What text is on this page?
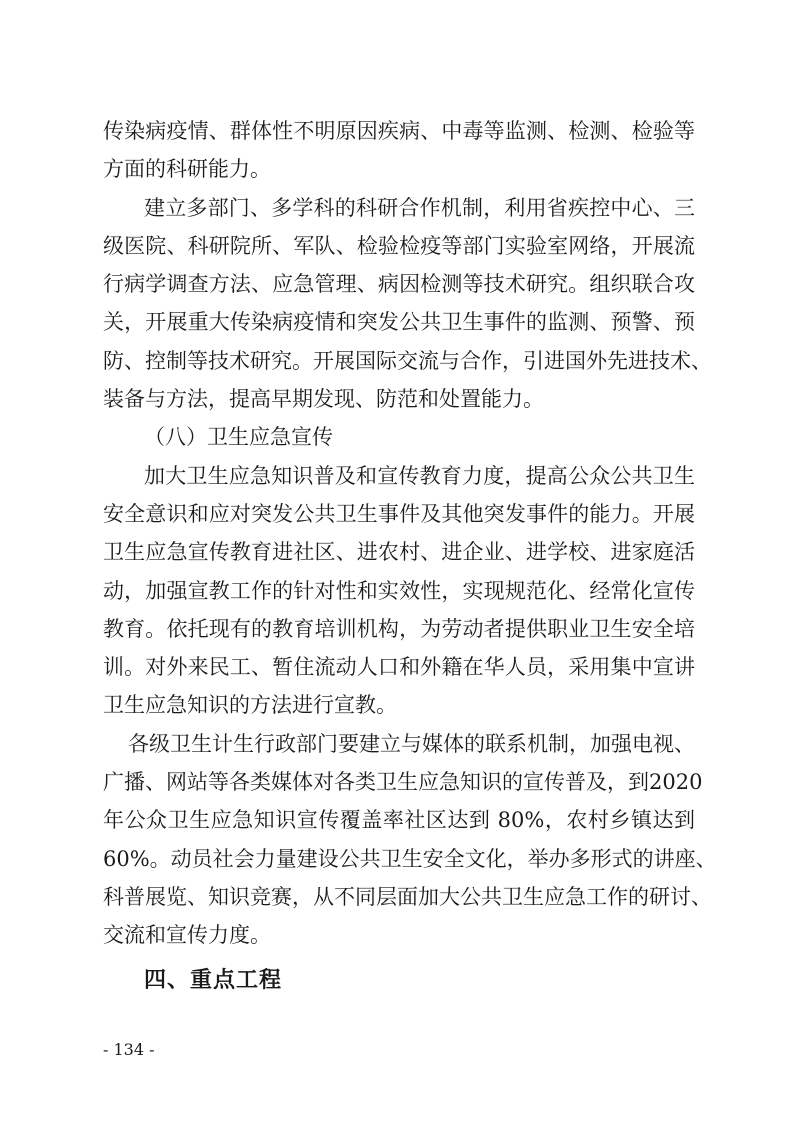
传染病疫情、群体性不明原因疾病、中毒等监测、检测、检验等
方面的科研能力。
建立多部门、多学科的科研合作机制，利用省疾控中心、三
级医院、科研院所、军队、检验检疫等部门实验室网络，开展流
行病学调查方法、应急管理、病因检测等技术研究。组织联合攻
关，开展重大传染病疫情和突发公共卫生事件的监测、预警、预
防、控制等技术研究。开展国际交流与合作，引进国外先进技术、
装备与方法，提高早期发现、防范和处置能力。
（八）卫生应急宣传
加大卫生应急知识普及和宣传教育力度，提高公众公共卫生
安全意识和应对突发公共卫生事件及其他突发事件的能力。开展
卫生应急宣传教育进社区、进农村、进企业、进学校、进家庭活
动，加强宣教工作的针对性和实效性，实现规范化、经常化宣传
教育。依托现有的教育培训机构，为劳动者提供职业卫生安全培
训。对外来民工、暂住流动人口和外籍在华人员，采用集中宣讲
卫生应急知识的方法进行宣教。
各级卫生计生行政部门要建立与媒体的联系机制，加强电视、
广播、网站等各类媒体对各类卫生应急知识的宣传普及，到2020
年公众卫生应急知识宣传覆盖率社区达到 80%，农村乡镇达到
60%。动员社会力量建设公共卫生安全文化，举办多形式的讲座、
科普展览、知识竞赛，从不同层面加大公共卫生应急工作的研讨、
交流和宣传力度。
四、重点工程
- 134 -
